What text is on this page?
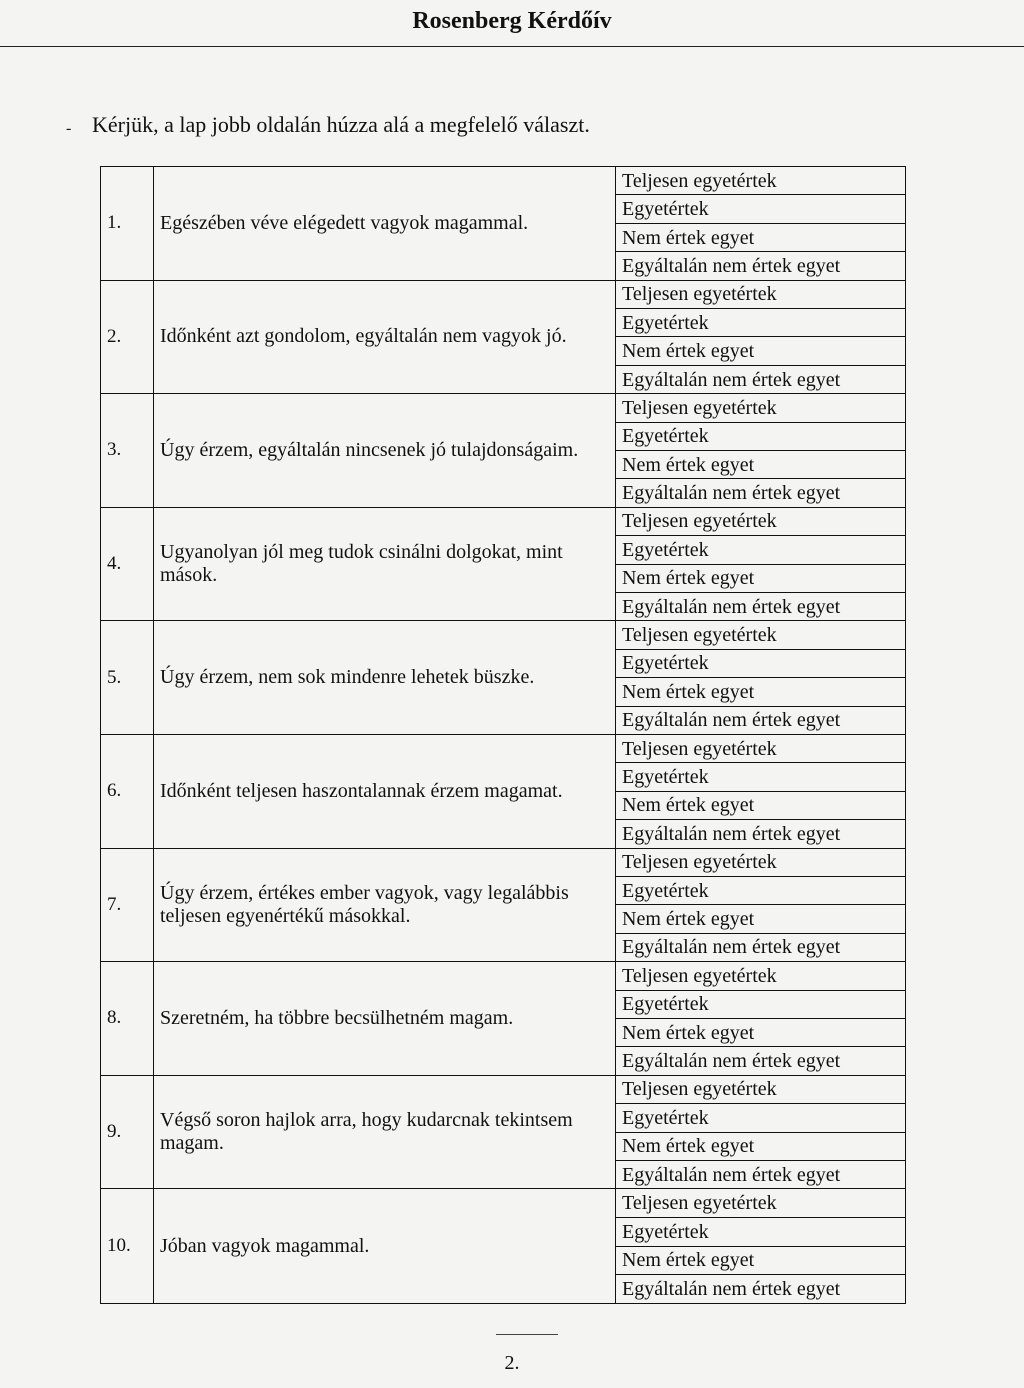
Rosenberg Kérdőív
- Kérjük, a lap jobb oldalán húzza alá a megfelelő választ.
1.	Egészében véve elégedett vagyok magammal.
Teljesen egyetértek
Egyetértek
Nem értek egyet
Egyáltalán nem értek egyet
2.	Időnként azt gondolom, egyáltalán nem vagyok jó.
Teljesen egyetértek
Egyetértek
Nem értek egyet
Egyáltalán nem értek egyet
3.	Úgy érzem, egyáltalán nincsenek jó tulajdonságaim.
Teljesen egyetértek
Egyetértek
Nem értek egyet
Egyáltalán nem értek egyet
4.
Ugyanolyan jól meg tudok csinálni dolgokat, mint mások.
Teljesen egyetértek
Egyetértek
Nem értek egyet
Egyáltalán nem értek egyet
5.	Úgy érzem, nem sok mindenre lehetek büszke.
Teljesen egyetértek
Egyetértek
Nem értek egyet
Egyáltalán nem értek egyet
6.	Időnként teljesen haszontalannak érzem magamat.
Teljesen egyetértek
Egyetértek
Nem értek egyet
Egyáltalán nem értek egyet
7.
Úgy érzem, értékes ember vagyok, vagy legalábbis teljesen egyenértékű másokkal.
Teljesen egyetértek
Egyetértek
Nem értek egyet
Egyáltalán nem értek egyet
8.	Szeretném, ha többre becsülhetném magam.
Teljesen egyetértek
Egyetértek
Nem értek egyet
Egyáltalán nem értek egyet
9.
Végső soron hajlok arra, hogy kudarcnak tekintsem magam.
Teljesen egyetértek
Egyetértek
Nem értek egyet
Egyáltalán nem értek egyet
10.	Jóban vagyok magammal.
Teljesen egyetértek
Egyetértek
Nem értek egyet
Egyáltalán nem értek egyet
2.
